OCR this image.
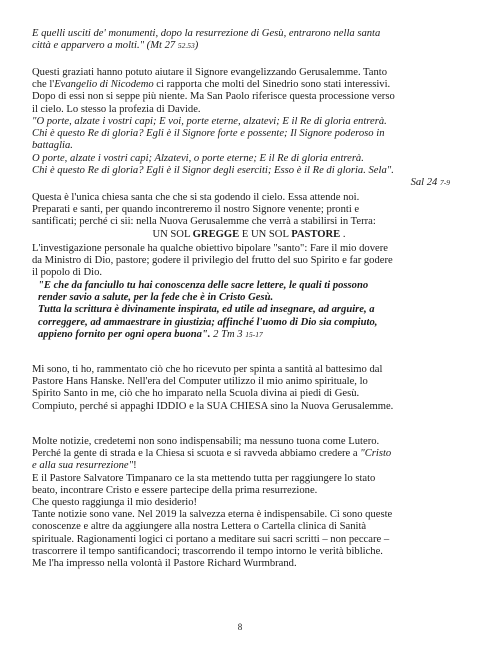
E quelli usciti de' monumenti, dopo la resurrezione di Gesù, entrarono nella santa

città e apparvero a molti." (Mt 27 52.53)

Questi graziati hanno potuto aiutare il Signore evangelizzando Gerusalemme. Tanto

che l'Evangelio di Nicodemo ci rapporta che molti del Sinedrio sono stati interessivi.

Dopo di essi non si seppe più niente. Ma San Paolo riferisce questa processione verso

il cielo. Lo stesso la profezia di Davide.

"O porte, alzate i vostri capi; E voi, porte eterne, alzatevi; E il Re di gloria entrerà.

Chi è questo Re di gloria? Egli è il Signore forte e possente; Il Signore poderoso in

battaglia.

O porte, alzate i vostri capi; Alzatevi, o porte eterne; E il Re di gloria entrerà.

Chi è questo Re di gloria? Egli è il Signor degli eserciti; Esso è il Re di gloria. Sela".

Sal 24 7-9

Questa è l'unica chiesa santa che che si sta godendo il cielo. Essa attende noi.

Preparati e santi, per quando incontreremo il nostro Signore venente; pronti e

santificati; perché ci sii: nella Nuova Gerusalemme che verrà a stabilirsi in Terra:

UN SOL GREGGE E UN SOL PASTORE .

L'investigazione personale ha qualche obiettivo bipolare "santo": Fare il mio dovere

da Ministro di Dio, pastore; godere il privilegio del frutto del suo Spirito e far godere

il popolo di Dio.

"E che da fanciullo tu hai conoscenza delle sacre lettere, le quali ti possono

render savio a salute, per la fede che è in Cristo Gesù.

Tutta la scrittura è divinamente inspirata, ed utile ad insegnare, ad arguire, a

correggere, ad ammaestrare in giustizia; affinché l'uomo di Dio sia compiuto,

appieno fornito per ogni opera buona". 2 Tm 3 15-17

Mi sono, ti ho, rammentato ciò che ho ricevuto per spinta a santità al battesimo dal

Pastore Hans Hanske. Nell'era del Computer utilizzo il mio animo spirituale, lo

Spirito Santo in me, ciò che ho imparato nella Scuola divina ai piedi di Gesù.

Compiuto, perché si appaghi IDDIO e la SUA CHIESA sino la Nuova Gerusalemme.

Molte notizie, credetemi non sono indispensabili; ma nessuno tuona come Lutero.

Perché la gente di strada e la Chiesa si scuota e si ravveda abbiamo credere a "Cristo

e alla sua resurrezione"!

E il Pastore Salvatore Timpanaro ce la sta mettendo tutta per raggiungere lo stato

beato, incontrare Cristo e essere partecipe della prima resurrezione.

Che questo raggiunga il mio desiderio!

Tante notizie sono vane. Nel 2019 la salvezza eterna è indispensabile. Ci sono queste

conoscenze e altre da aggiungere alla nostra Lettera o Cartella clinica di Sanità

spirituale. Ragionamenti logici ci portano a meditare sui sacri scritti – non peccare –

trascorrere il tempo santificandoci; trascorrendo il tempo intorno le verità bibliche.

Me l'ha impresso nella volontà il Pastore Richard Wurmbrand.

8
